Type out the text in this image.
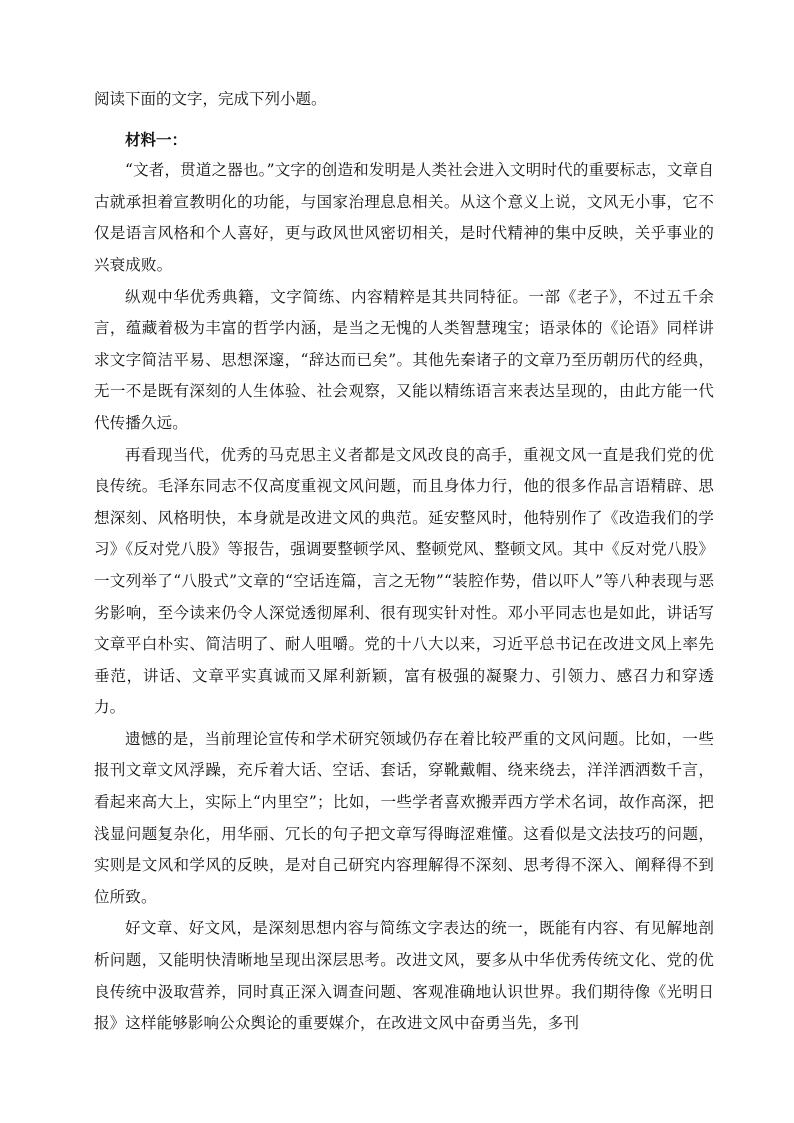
阅读下面的文字，完成下列小题。

材料一：

“文者，贯道之器也。”文字的创造和发明是人类社会进入文明时代的重要标志，文章自古就承担着宣教明化的功能，与国家治理息息相关。从这个意义上说，文风无小事，它不仅是语言风格和个人喜好，更与政风世风密切相关，是时代精神的集中反映，关乎事业的兴衰成败。

纵观中华优秀典籍，文字简练、内容精粹是其共同特征。一部《老子》，不过五千余言，蕴藏着极为丰富的哲学内涵，是当之无愧的人类智慧瑰宝；语录体的《论语》同样讲求文字简洁平易、思想深邃，“辞达而已矣”。其他先秦诸子的文章乃至历朝历代的经典，无一不是既有深刻的人生体验、社会观察，又能以精练语言来表达呈现的，由此方能一代代传播久远。

再看现当代，优秀的马克思主义者都是文风改良的高手，重视文风一直是我们党的优良传统。毛泽东同志不仅高度重视文风问题，而且身体力行，他的很多作品言语精辟、思想深刻、风格明快，本身就是改进文风的典范。延安整风时，他特别作了《改造我们的学习》《反对党八股》等报告，强调要整顿学风、整顿党风、整顿文风。其中《反对党八股》一文列举了“八股式”文章的“空话连篇，言之无物”“装腔作势，借以吓人”等八种表现与恶劣影响，至今读来仍令人深觉透彻犀利、很有现实针对性。邓小平同志也是如此，讲话写文章平白朴实、简洁明了、耐人咀嚼。党的十八大以来，习近平总书记在改进文风上率先垂范，讲话、文章平实真诚而又犀利新颖，富有极强的凝聚力、引领力、感召力和穿透力。

遗憾的是，当前理论宣传和学术研究领域仍存在着比较严重的文风问题。比如，一些报刊文章文风浮躁，充斥着大话、空话、套话，穿靴戴帽、绕来绕去，洋洋洒洒数千言，看起来高大上，实际上“内里空”；比如，一些学者喜欢搬弄西方学术名词，故作高深，把浅显问题复杂化，用华丽、冗长的句子把文章写得晦涩难懂。这看似是文法技巧的问题，实则是文风和学风的反映，是对自己研究内容理解得不深刻、思考得不深入、阐释得不到位所致。

好文章、好文风，是深刻思想内容与简练文字表达的统一，既能有内容、有见解地剖析问题，又能明快清晰地呈现出深层思考。改进文风，要多从中华优秀传统文化、党的优良传统中汲取营养，同时真正深入调查问题、客观准确地认识世界。我们期待像《光明日报》这样能够影响公众舆论的重要媒介，在改进文风中奋勇当先，多刊
